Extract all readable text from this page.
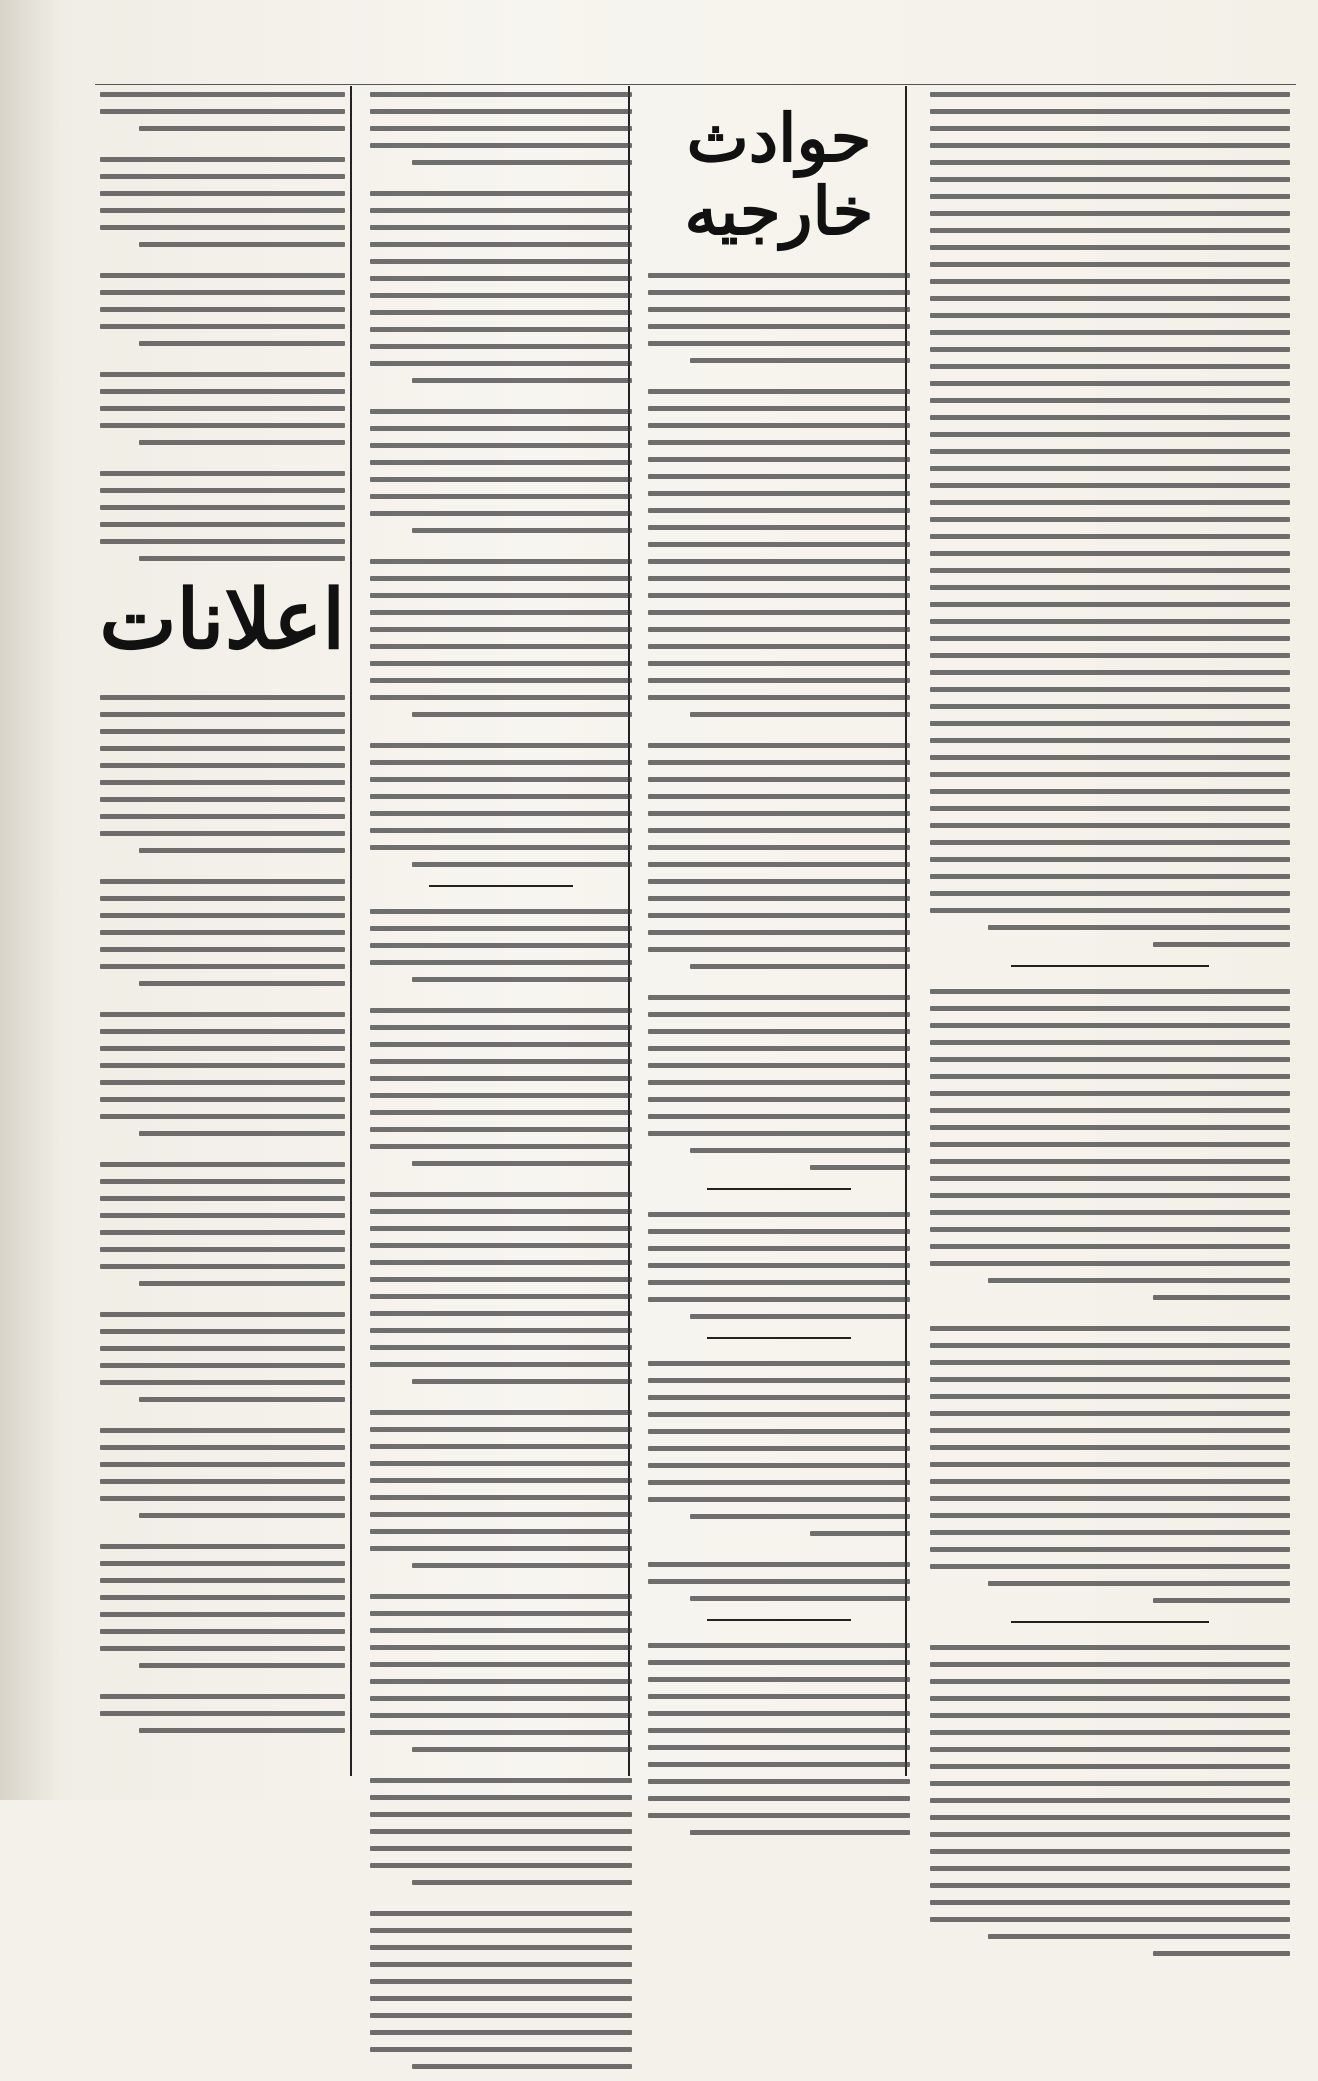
حوادث خارجیه
اعلانات
